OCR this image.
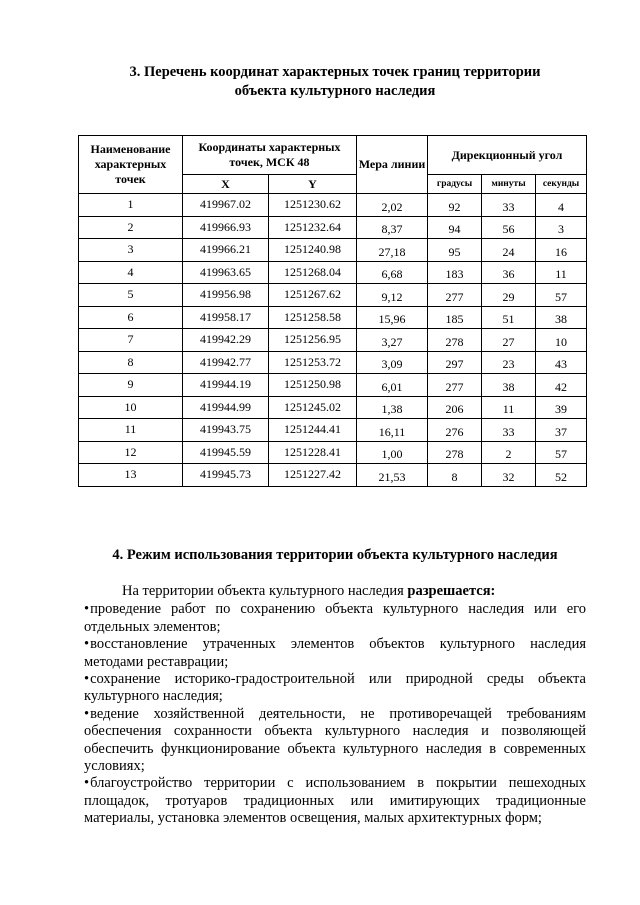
3. Перечень координат характерных точек границ территории
объекта культурного наследия
Наименование характерных точек	Координаты характерных точек, МСК 48		Мера линии	Дирекционный угол		
	X	Y		градусы	минуты	секунды
1	419967.02	1251230.62	2,02	92	33	4
2	419966.93	1251232.64	8,37	94	56	3
3	419966.21	1251240.98	27,18	95	24	16
4	419963.65	1251268.04	6,68	183	36	11
5	419956.98	1251267.62	9,12	277	29	57
6	419958.17	1251258.58	15,96	185	51	38
7	419942.29	1251256.95	3,27	278	27	10
8	419942.77	1251253.72	3,09	297	23	43
9	419944.19	1251250.98	6,01	277	38	42
10	419944.99	1251245.02	1,38	206	11	39
11	419943.75	1251244.41	16,11	276	33	37
12	419945.59	1251228.41	1,00	278	2	57
13	419945.73	1251227.42	21,53	8	32	52
4. Режим использования территории объекта культурного наследия

На территории объекта культурного наследия разрешается:

•проведение работ по сохранению объекта культурного наследия или его отдельных элементов;

•восстановление утраченных элементов объектов культурного наследия методами реставрации;

•сохранение историко-градостроительной или природной среды объекта культурного наследия;

•ведение хозяйственной деятельности, не противоречащей требованиям обеспечения сохранности объекта культурного наследия и позволяющей обеспечить функционирование объекта культурного наследия в современных условиях;

•благоустройство территории с использованием в покрытии пешеходных площадок, тротуаров традиционных или имитирующих традиционные материалы, установка элементов освещения, малых архитектурных форм;
